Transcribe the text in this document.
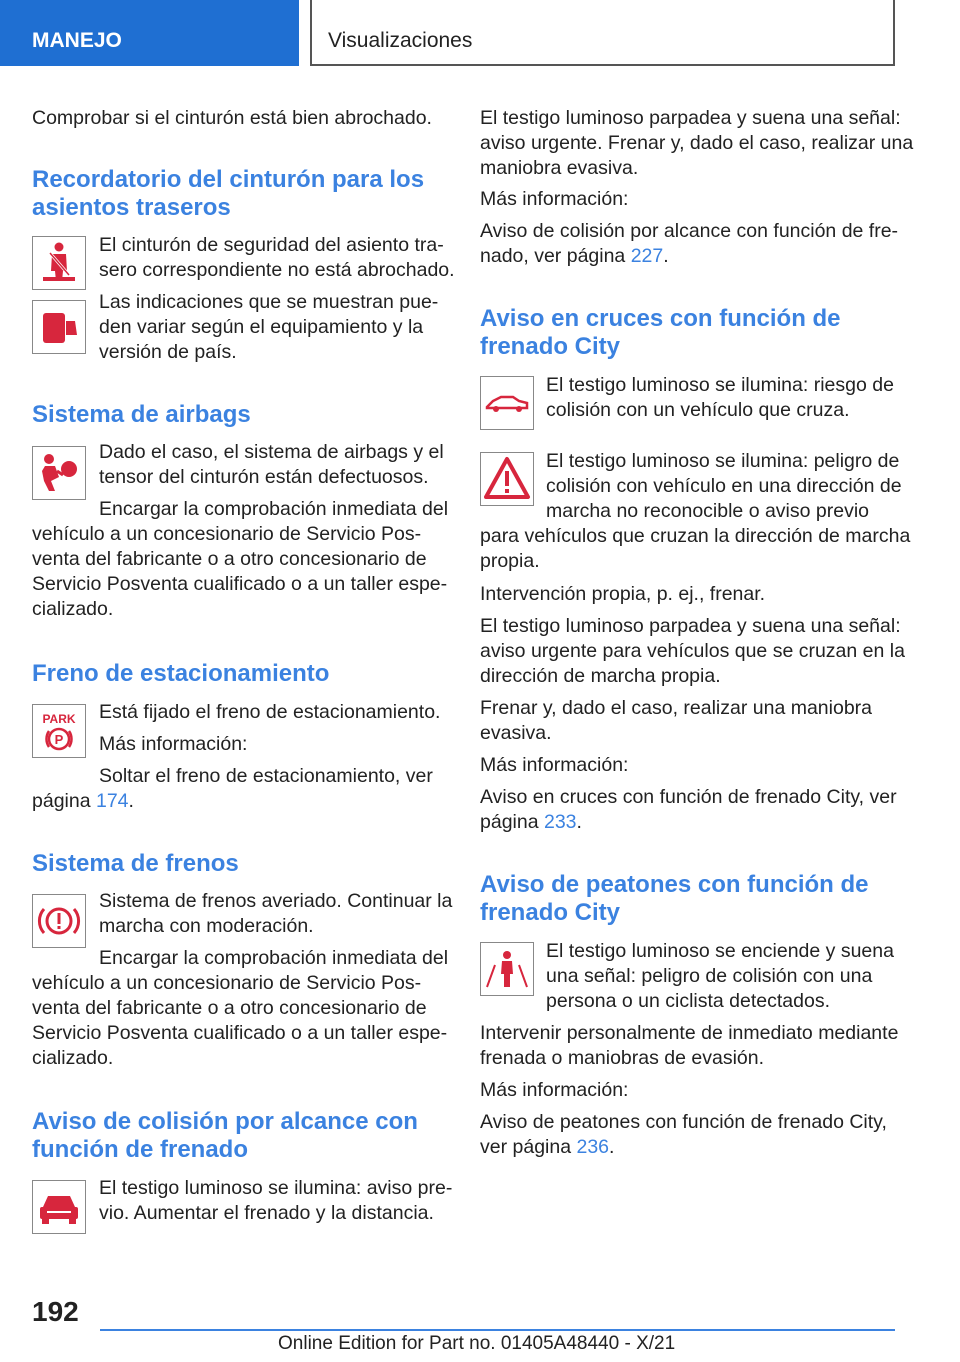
MANEJO	Visualizaciones

Comprobar si el cinturón está bien abrochado.

Recordatorio del cinturón para los

asientos traseros

El cinturón de seguridad del asiento tra‐

sero correspondiente no está abrochado.

Las indicaciones que se muestran pue‐

den variar según el equipamiento y la

versión de país.

Sistema de airbags

Dado el caso, el sistema de airbags y el

tensor del cinturón están defectuosos.

Encargar la comprobación inmediata del

vehículo a un concesionario de Servicio Pos‐

venta del fabricante o a otro concesionario de

Servicio Posventa cualificado o a un taller espe‐

cializado.

Freno de estacionamiento

PARK
P

Está fijado el freno de estacionamiento.

Más información:

Soltar el freno de estacionamiento, ver

página 174.

Sistema de frenos

Sistema de frenos averiado. Continuar la

marcha con moderación.

Encargar la comprobación inmediata del

vehículo a un concesionario de Servicio Pos‐

venta del fabricante o a otro concesionario de

Servicio Posventa cualificado o a un taller espe‐

cializado.

Aviso de colisión por alcance con

función de frenado

El testigo luminoso se ilumina: aviso pre‐

vio. Aumentar el frenado y la distancia.

El testigo luminoso parpadea y suena una señal:

aviso urgente. Frenar y, dado el caso, realizar una

maniobra evasiva.

Más información:

Aviso de colisión por alcance con función de fre‐

nado, ver página 227.

Aviso en cruces con función de

frenado City

El testigo luminoso se ilumina: riesgo de

colisión con un vehículo que cruza.

El testigo luminoso se ilumina: peligro de

colisión con vehículo en una dirección de

marcha no reconocible o aviso previo

para vehículos que cruzan la dirección de marcha

propia.

Intervención propia, p. ej., frenar.

El testigo luminoso parpadea y suena una señal:

aviso urgente para vehículos que se cruzan en la

dirección de marcha propia.

Frenar y, dado el caso, realizar una maniobra

evasiva.

Más información:

Aviso en cruces con función de frenado City, ver

página 233.

Aviso de peatones con función de

frenado City

El testigo luminoso se enciende y suena

una señal: peligro de colisión con una

persona o un ciclista detectados.

Intervenir personalmente de inmediato mediante

frenada o maniobras de evasión.

Más información:

Aviso de peatones con función de frenado City,

ver página 236.

192
Online Edition for Part no. 01405A48440 - X/21
